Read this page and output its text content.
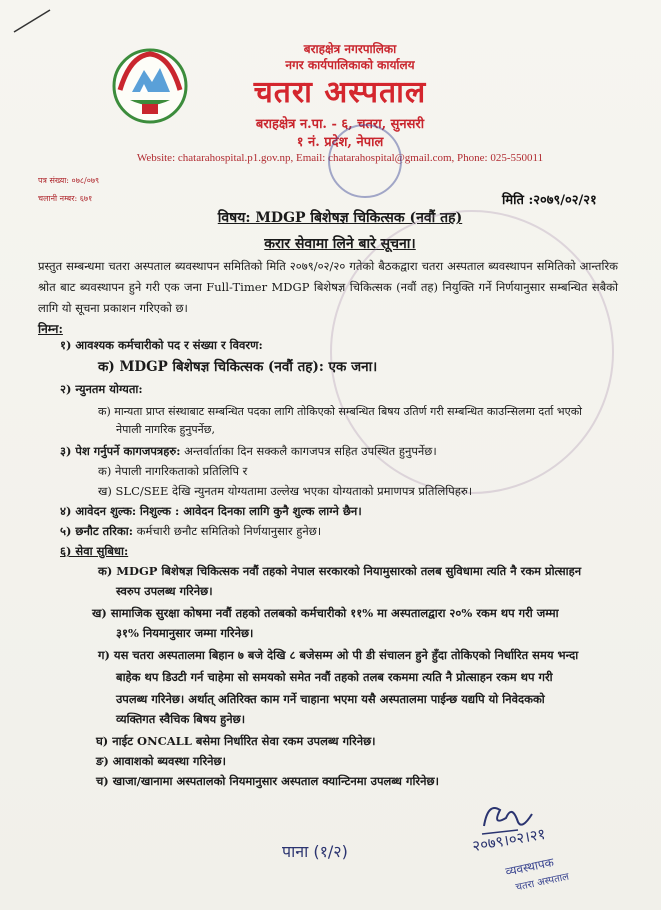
बराहक्षेत्र नगरपालिका
नगर कार्यपालिकाको कार्यालय
चतरा अस्पताल
बराहक्षेत्र न.पा. - ६, चतरा, सुनसरी
१ नं. प्रदेश, नेपाल
Website: chatarahospital.p1.gov.np, Email: chatarahospital@gmail.com, Phone: 025-550011
पत्र संख्या: ०७८/०७९
चलानी नम्बर: ६७१	मिति :२०७९/०२/२१
विषय: MDGP बिशेषज्ञ चिकित्सक (नवौं तह)
करार सेवामा लिने बारे सूचना।
प्रस्तुत सम्बन्धमा चतरा अस्पताल ब्यवस्थापन समितिको मिति २०७९/०२/२० गतेको बैठकद्वारा चतरा अस्पताल ब्यवस्थापन समितिको आन्तरिक श्रोत बाट ब्यवस्थापन हुने गरी एक जना Full-Timer MDGP बिशेषज्ञ चिकित्सक (नवौं तह) नियुक्ति गर्ने निर्णयानुसार सम्बन्धित सबैको लागि यो सूचना प्रकाशन गरिएको छ।
निम्न:
१) आवश्यक कर्मचारीको पद र संख्या र विवरण:
क) MDGP बिशेषज्ञ चिकित्सक (नवौं तह): एक जना।
२) न्युनतम योग्यता:
क) मान्यता प्राप्त संस्थाबाट सम्बन्धित पदका लागि तोकिएको सम्बन्धित बिषय उतिर्ण गरी सम्बन्धित काउन्सिलमा दर्ता भएको
नेपाली नागरिक हुनुपर्नेछ,
३) पेश गर्नुपर्ने कागजपत्रहरु: अन्तर्वार्ताका दिन सक्कलै कागजपत्र सहित उपस्थित हुनुपर्नेछ।
क) नेपाली नागरिकताको प्रतिलिपि र
ख) SLC/SEE देखि न्युनतम योग्यतामा उल्लेख भएका योग्यताको प्रमाणपत्र प्रतिलिपिहरु।
४) आवेदन शुल्क: निशुल्क : आवेदन दिनका लागि कुनै शुल्क लाग्ने छैन।
५) छनौट तरिका: कर्मचारी छनौट समितिको निर्णयानुसार हुनेछ।
६) सेवा सुबिधा:
क) MDGP बिशेषज्ञ चिकित्सक नवौं तहको नेपाल सरकारको नियामुसारको तलब सुविधामा त्यति नै रकम प्रोत्साहन
स्वरुप उपलब्ध गरिनेछ।
ख) सामाजिक सुरक्षा कोषमा नवौं तहको तलबको कर्मचारीको ११% मा अस्पतालद्वारा २०% रकम थप गरी जम्मा
३१% नियमानुसार जम्मा गरिनेछ।
ग) यस चतरा अस्पतालमा बिहान ७ बजे देखि ८ बजेसम्म ओ पी डी संचालन हुने हुँदा तोकिएको निर्धारित समय भन्दा
बाहेक थप डिउटी गर्न चाहेमा सो समयको समेत नवौं तहको तलब रकममा त्यति नै प्रोत्साहन रकम थप गरी
उपलब्ध गरिनेछ। अर्थात् अतिरिक्त काम गर्ने चाहाना भएमा यसै अस्पतालमा पाईन्छ यद्यपि यो निवेदकको
व्यक्तिगत स्वैचिक बिषय हुनेछ।
घ) नाईट ONCALL बसेमा निर्धारित सेवा रकम उपलब्ध गरिनेछ।
ङ) आवाशको ब्यवस्था गरिनेछ।
च) खाजा/खानामा अस्पतालको नियमानुसार अस्पताल क्यान्टिनमा उपलब्ध गरिनेछ।
२०७९।०२।२१
व्यवस्थापक
चतरा अस्पताल
पाना (१/२)
